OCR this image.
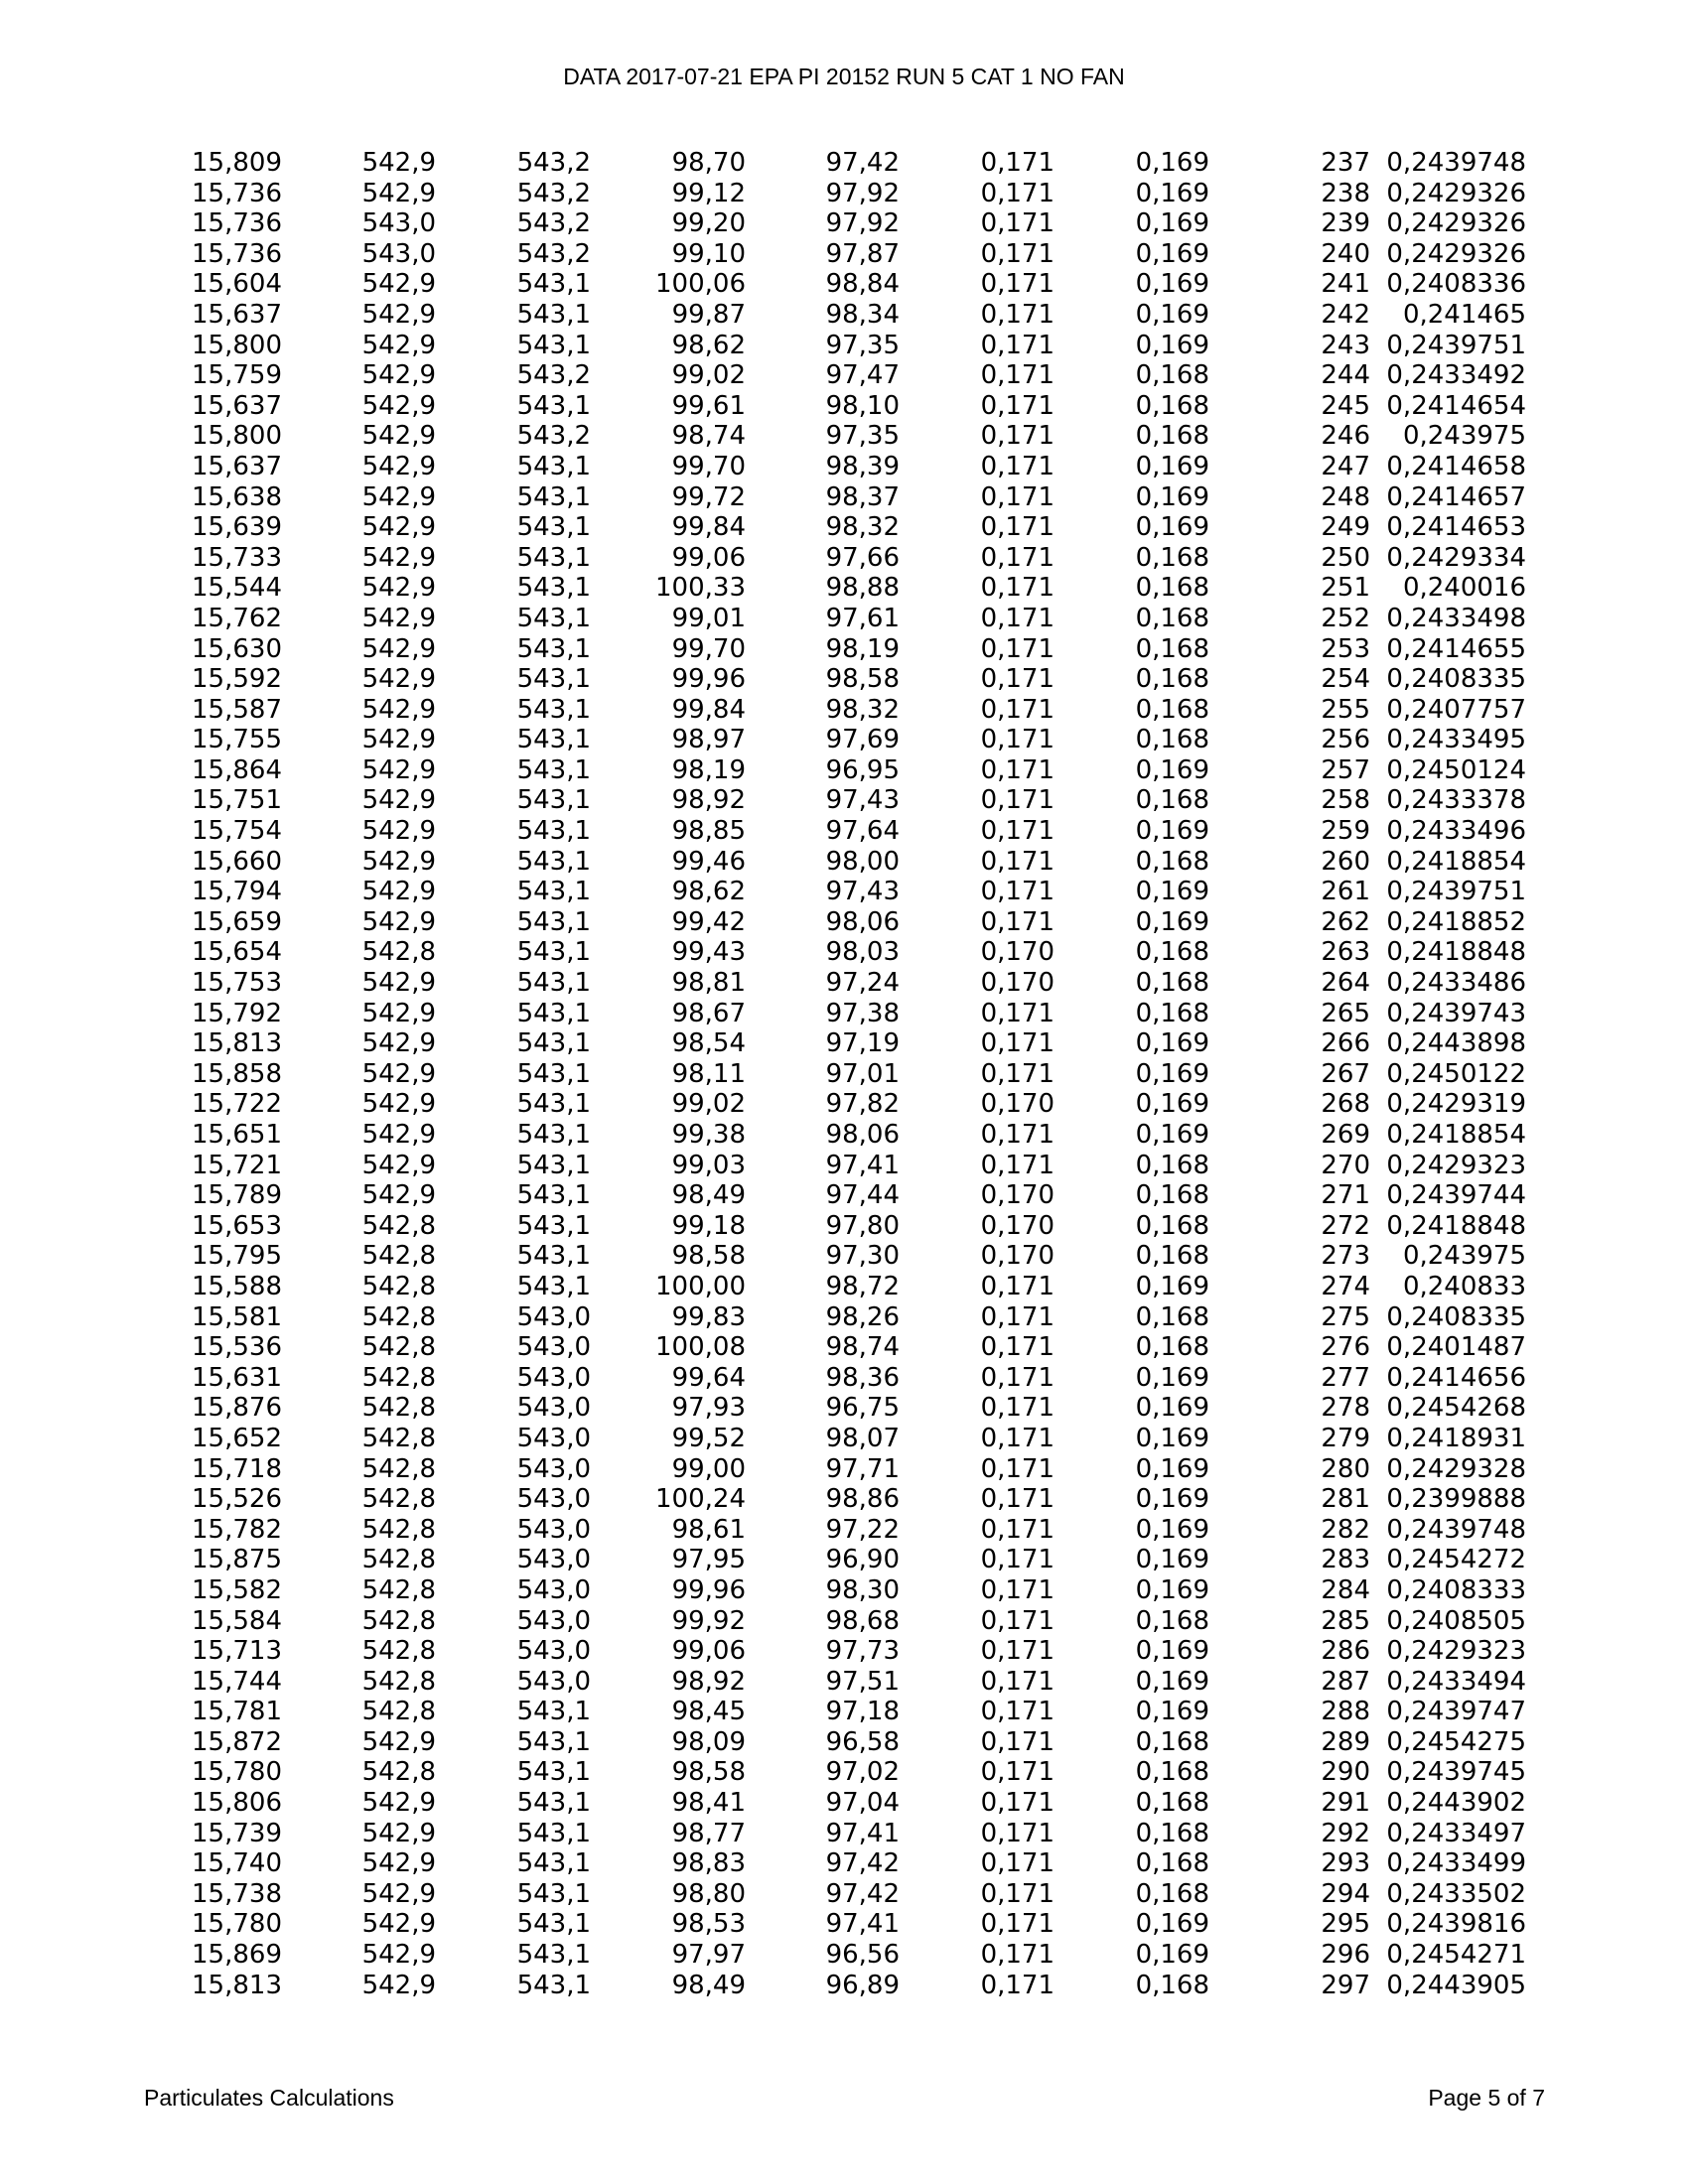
DATA 2017-07-21 EPA PI 20152 RUN 5 CAT 1 NO FAN
15,809	542,9	543,2	98,70	97,42	0,171	0,169	237	0,2439748
15,736	542,9	543,2	99,12	97,92	0,171	0,169	238	0,2429326
15,736	543,0	543,2	99,20	97,92	0,171	0,169	239	0,2429326
15,736	543,0	543,2	99,10	97,87	0,171	0,169	240	0,2429326
15,604	542,9	543,1	100,06	98,84	0,171	0,169	241	0,2408336
15,637	542,9	543,1	99,87	98,34	0,171	0,169	242	0,241465
15,800	542,9	543,1	98,62	97,35	0,171	0,169	243	0,2439751
15,759	542,9	543,2	99,02	97,47	0,171	0,168	244	0,2433492
15,637	542,9	543,1	99,61	98,10	0,171	0,168	245	0,2414654
15,800	542,9	543,2	98,74	97,35	0,171	0,168	246	0,243975
15,637	542,9	543,1	99,70	98,39	0,171	0,169	247	0,2414658
15,638	542,9	543,1	99,72	98,37	0,171	0,169	248	0,2414657
15,639	542,9	543,1	99,84	98,32	0,171	0,169	249	0,2414653
15,733	542,9	543,1	99,06	97,66	0,171	0,168	250	0,2429334
15,544	542,9	543,1	100,33	98,88	0,171	0,168	251	0,240016
15,762	542,9	543,1	99,01	97,61	0,171	0,168	252	0,2433498
15,630	542,9	543,1	99,70	98,19	0,171	0,168	253	0,2414655
15,592	542,9	543,1	99,96	98,58	0,171	0,168	254	0,2408335
15,587	542,9	543,1	99,84	98,32	0,171	0,168	255	0,2407757
15,755	542,9	543,1	98,97	97,69	0,171	0,168	256	0,2433495
15,864	542,9	543,1	98,19	96,95	0,171	0,169	257	0,2450124
15,751	542,9	543,1	98,92	97,43	0,171	0,168	258	0,2433378
15,754	542,9	543,1	98,85	97,64	0,171	0,169	259	0,2433496
15,660	542,9	543,1	99,46	98,00	0,171	0,168	260	0,2418854
15,794	542,9	543,1	98,62	97,43	0,171	0,169	261	0,2439751
15,659	542,9	543,1	99,42	98,06	0,171	0,169	262	0,2418852
15,654	542,8	543,1	99,43	98,03	0,170	0,168	263	0,2418848
15,753	542,9	543,1	98,81	97,24	0,170	0,168	264	0,2433486
15,792	542,9	543,1	98,67	97,38	0,171	0,168	265	0,2439743
15,813	542,9	543,1	98,54	97,19	0,171	0,169	266	0,2443898
15,858	542,9	543,1	98,11	97,01	0,171	0,169	267	0,2450122
15,722	542,9	543,1	99,02	97,82	0,170	0,169	268	0,2429319
15,651	542,9	543,1	99,38	98,06	0,171	0,169	269	0,2418854
15,721	542,9	543,1	99,03	97,41	0,171	0,168	270	0,2429323
15,789	542,9	543,1	98,49	97,44	0,170	0,168	271	0,2439744
15,653	542,8	543,1	99,18	97,80	0,170	0,168	272	0,2418848
15,795	542,8	543,1	98,58	97,30	0,170	0,168	273	0,243975
15,588	542,8	543,1	100,00	98,72	0,171	0,169	274	0,240833
15,581	542,8	543,0	99,83	98,26	0,171	0,168	275	0,2408335
15,536	542,8	543,0	100,08	98,74	0,171	0,168	276	0,2401487
15,631	542,8	543,0	99,64	98,36	0,171	0,169	277	0,2414656
15,876	542,8	543,0	97,93	96,75	0,171	0,169	278	0,2454268
15,652	542,8	543,0	99,52	98,07	0,171	0,169	279	0,2418931
15,718	542,8	543,0	99,00	97,71	0,171	0,169	280	0,2429328
15,526	542,8	543,0	100,24	98,86	0,171	0,169	281	0,2399888
15,782	542,8	543,0	98,61	97,22	0,171	0,169	282	0,2439748
15,875	542,8	543,0	97,95	96,90	0,171	0,169	283	0,2454272
15,582	542,8	543,0	99,96	98,30	0,171	0,169	284	0,2408333
15,584	542,8	543,0	99,92	98,68	0,171	0,168	285	0,2408505
15,713	542,8	543,0	99,06	97,73	0,171	0,169	286	0,2429323
15,744	542,8	543,0	98,92	97,51	0,171	0,169	287	0,2433494
15,781	542,8	543,1	98,45	97,18	0,171	0,169	288	0,2439747
15,872	542,9	543,1	98,09	96,58	0,171	0,168	289	0,2454275
15,780	542,8	543,1	98,58	97,02	0,171	0,168	290	0,2439745
15,806	542,9	543,1	98,41	97,04	0,171	0,168	291	0,2443902
15,739	542,9	543,1	98,77	97,41	0,171	0,168	292	0,2433497
15,740	542,9	543,1	98,83	97,42	0,171	0,168	293	0,2433499
15,738	542,9	543,1	98,80	97,42	0,171	0,168	294	0,2433502
15,780	542,9	543,1	98,53	97,41	0,171	0,169	295	0,2439816
15,869	542,9	543,1	97,97	96,56	0,171	0,169	296	0,2454271
15,813	542,9	543,1	98,49	96,89	0,171	0,168	297	0,2443905
Particulates Calculations	Page 5 of 7
